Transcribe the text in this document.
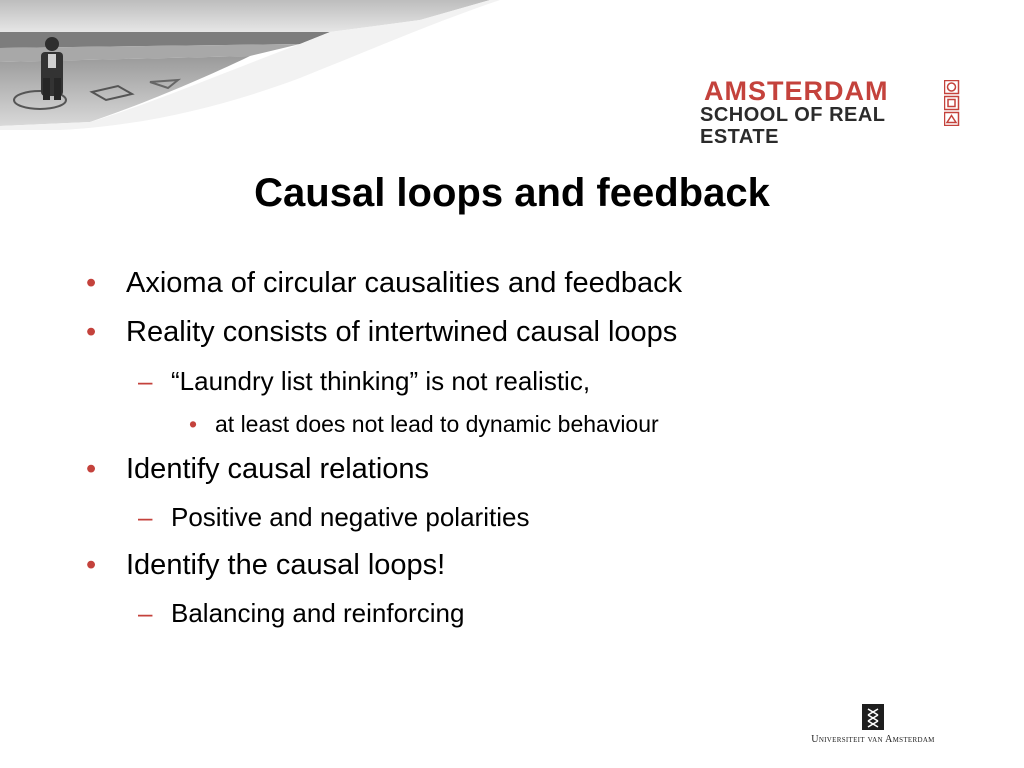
AMSTERDAM
SCHOOL OF REAL ESTATE
Causal loops and feedback
• Axioma of circular causalities and feedback
• Reality consists of intertwined causal loops
– “Laundry list thinking” is not realistic,
• at least does not lead to dynamic behaviour
• Identify causal relations
– Positive and negative polarities
• Identify the causal loops!
– Balancing and reinforcing
Universiteit van Amsterdam
